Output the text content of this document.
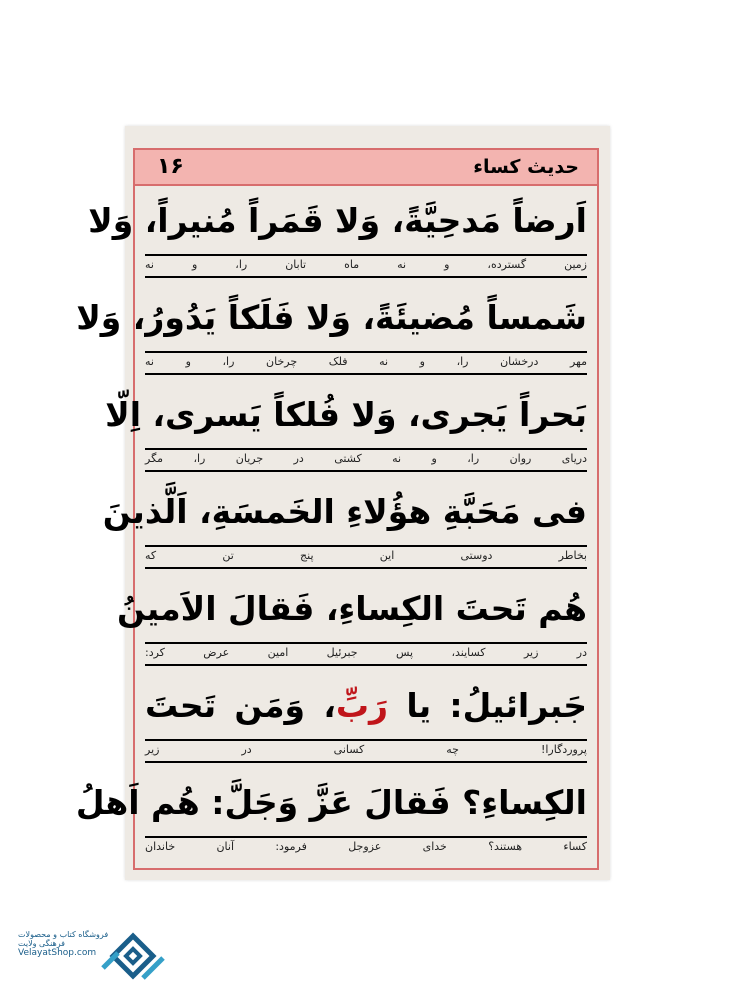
۱۶	حدیث کساء
اَرضاً مَدحِیَّةً، وَلا قَمَراً مُنیراً، وَلا
زمین گسترده، و نه ماه تابان را، و نه
شَمساً مُضیئَةً، وَلا فَلَکاً یَدُورُ، وَلا
مهر درخشان را، و نه فلک چرخان را، و نه
بَحراً یَجری، وَلا فُلکاً یَسری، اِلّا
دریای روان را، و نه کشتی در جریان را، مگر
فی مَحَبَّةِ هؤُلاءِ الخَمسَةِ، اَلَّذینَ
بخاطر دوستی این پنج تن که
هُم تَحتَ الکِساءِ، فَقالَ الاَمینُ
در زیر کسایند، پس جبرئیل امین عرض کرد:
جَبرائیلُ: یا رَبِّ، وَمَن تَحتَ
پروردگارا! چه کسانی در زیر
الکِساءِ؟ فَقالَ عَزَّ وَجَلَّ: هُم اَهلُ
کساء هستند؟ خدای عزوجل فرمود: آنان خاندان
فروشگاه کتاب و محصولات فرهنگی ولایت
VelayatShop.com
